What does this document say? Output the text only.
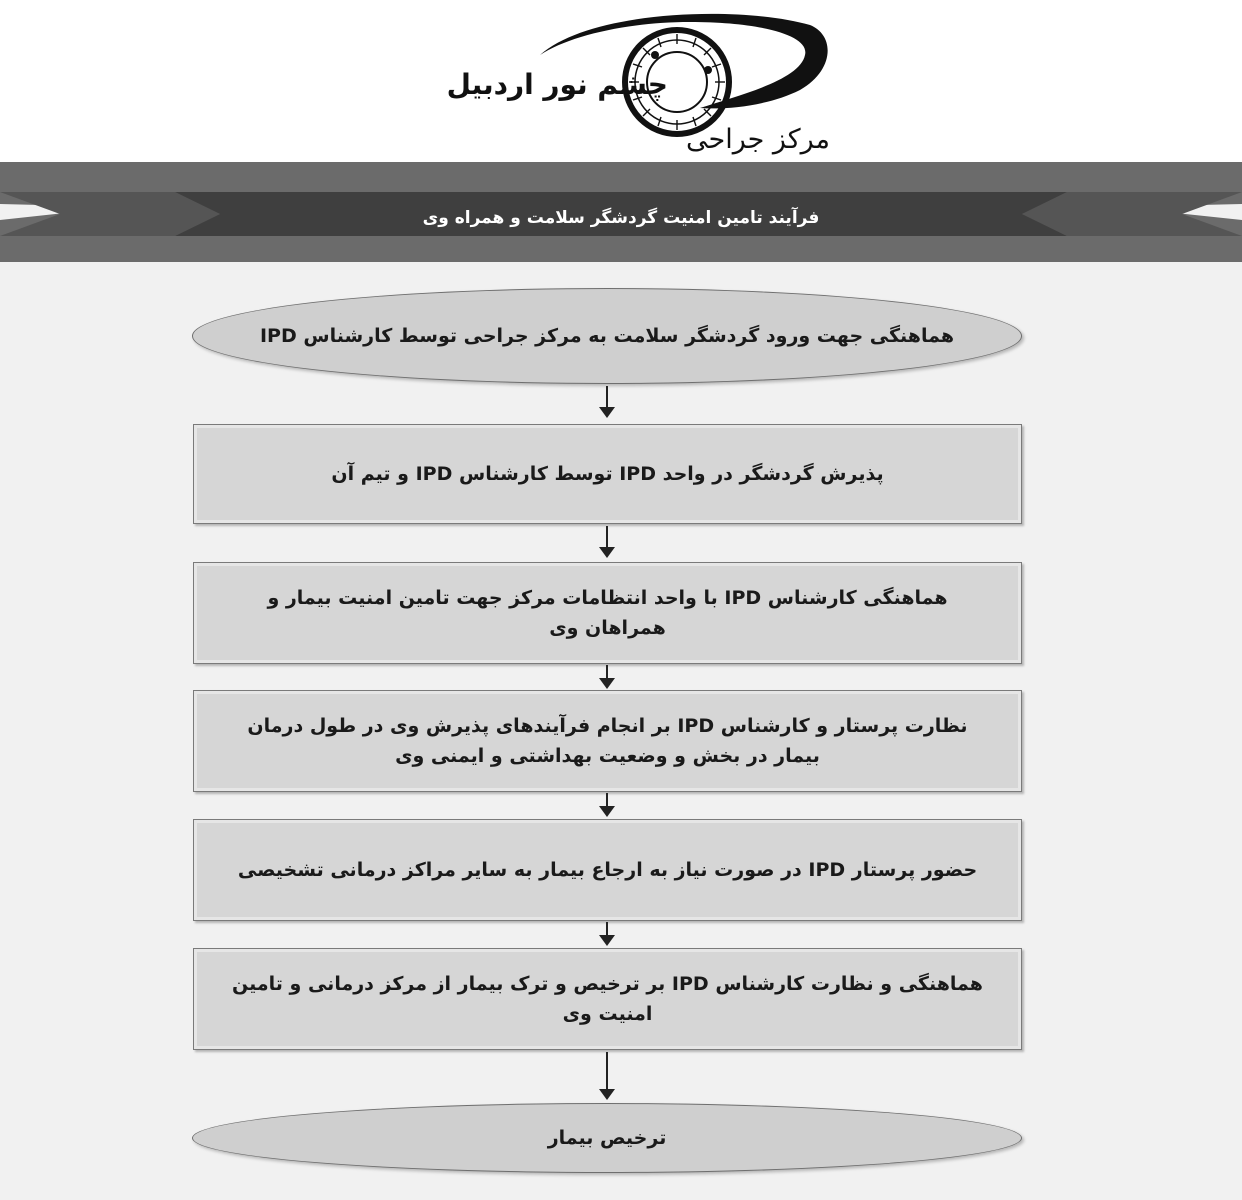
چشم نور اردبیل
مرکز جراحی
فرآیند تامین امنیت گردشگر سلامت و همراه وی
هماهنگی جهت ورود گردشگر سلامت به مرکز جراحی توسط کارشناس IPD
پذیرش گردشگر در واحد IPD توسط کارشناس IPD و تیم آن
هماهنگی کارشناس IPD با واحد انتظامات مرکز جهت تامین امنیت بیمار و همراهان وی
نظارت پرستار و کارشناس IPD بر انجام فرآیندهای پذیرش وی در طول درمان بیمار در بخش و وضعیت بهداشتی و ایمنی وی
حضور پرستار IPD در صورت نیاز به ارجاع بیمار به سایر مراکز درمانی تشخیصی
هماهنگی و نظارت کارشناس IPD بر ترخیص و ترک بیمار از مرکز درمانی و تامین امنیت وی
ترخیص بیمار
